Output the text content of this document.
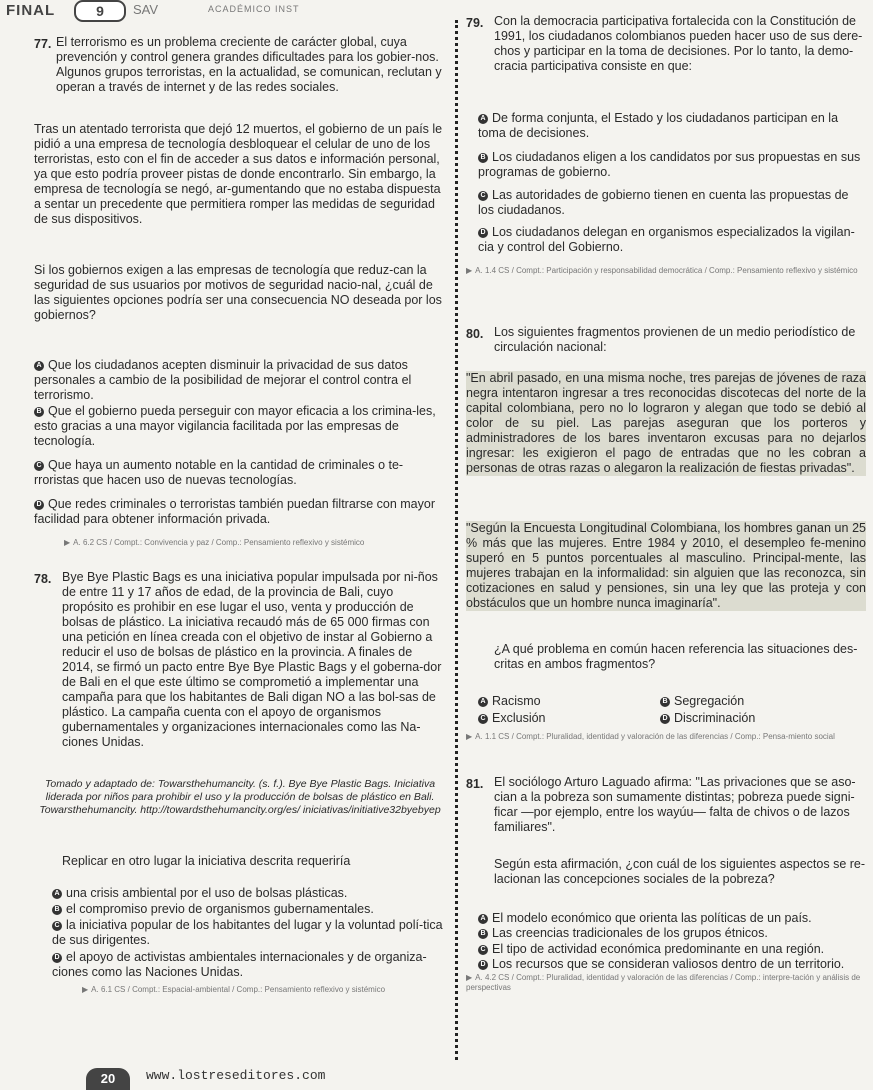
FINAL	9	SAV	ACADÉMICO INST
77. El terrorismo es un problema creciente de carácter global, cuya prevención y control genera grandes dificultades para los gobier-nos. Algunos grupos terroristas, en la actualidad, se comunican, reclutan y operan a través de internet y de las redes sociales.

Tras un atentado terrorista que dejó 12 muertos, el gobierno de un país le pidió a una empresa de tecnología desbloquear el celular de uno de los terroristas, esto con el fin de acceder a sus datos e información personal, ya que esto podría proveer pistas de donde encontrarlo. Sin embargo, la empresa de tecnología se negó, ar-gumentando que no estaba dispuesta a sentar un precedente que permitiera romper las medidas de seguridad de sus dispositivos.

Si los gobiernos exigen a las empresas de tecnología que reduz-can la seguridad de sus usuarios por motivos de seguridad nacio-nal, ¿cuál de las siguientes opciones podría ser una consecuencia NO deseada por los gobiernos?

A Que los ciudadanos acepten disminuir la privacidad de sus datos personales a cambio de la posibilidad de mejorar el control contra el terrorismo.
B Que el gobierno pueda perseguir con mayor eficacia a los crimina-les, esto gracias a una mayor vigilancia facilitada por las empresas de tecnología.
C Que haya un aumento notable en la cantidad de criminales o te-rroristas que hacen uso de nuevas tecnologías.
D Que redes criminales o terroristas también puedan filtrarse con mayor facilidad para obtener información privada.
▶ A. 6.2 CS / Compt.: Convivencia y paz / Comp.: Pensamiento reflexivo y sistémico
78. Bye Bye Plastic Bags es una iniciativa popular impulsada por ni-ños de entre 11 y 17 años de edad, de la provincia de Bali, cuyo propósito es prohibir en ese lugar el uso, venta y producción de bolsas de plástico. La iniciativa recaudó más de 65 000 firmas con una petición en línea creada con el objetivo de instar al Gobierno a reducir el uso de bolsas de plástico en la provincia. A finales de 2014, se firmó un pacto entre Bye Bye Plastic Bags y el goberna-dor de Bali en el que este último se comprometió a implementar una campaña para que los habitantes de Bali digan NO a las bol-sas de plástico. La campaña cuenta con el apoyo de organismos gubernamentales y organizaciones internacionales como las Na-ciones Unidas.

Tomado y adaptado de: Towarsthehumancity. (s. f.). Bye Bye Plastic Bags. Iniciativa liderada por niños para prohibir el uso y la producción de bolsas de plástico en Bali. Towarsthehumancity. http://towardsthehumancity.org/es/ iniciativas/initiative32byebyep

Replicar en otro lugar la iniciativa descrita requeriría

A una crisis ambiental por el uso de bolsas plásticas.
B el compromiso previo de organismos gubernamentales.
C la iniciativa popular de los habitantes del lugar y la voluntad polí-tica de sus dirigentes.
D el apoyo de activistas ambientales internacionales y de organiza-ciones como las Naciones Unidas.
▶ A. 6.1 CS / Compt.: Espacial-ambiental / Comp.: Pensamiento reflexivo y sistémico
79. Con la democracia participativa fortalecida con la Constitución de 1991, los ciudadanos colombianos pueden hacer uso de sus dere-chos y participar en la toma de decisiones. Por lo tanto, la demo-cracia participativa consiste en que:

A De forma conjunta, el Estado y los ciudadanos participan en la toma de decisiones.
B Los ciudadanos eligen a los candidatos por sus propuestas en sus programas de gobierno.
C Las autoridades de gobierno tienen en cuenta las propuestas de los ciudadanos.
D Los ciudadanos delegan en organismos especializados la vigilan-cia y control del Gobierno.
▶ A. 1.4 CS / Compt.: Participación y responsabilidad democrática / Comp.: Pensamiento reflexivo y sistémico
80. Los siguientes fragmentos provienen de un medio periodístico de circulación nacional:

"En abril pasado, en una misma noche, tres parejas de jóvenes de raza negra intentaron ingresar a tres reconocidas discotecas del norte de la capital colombiana, pero no lo lograron y alegan que todo se debió al color de su piel. Las parejas aseguran que los porteros y administradores de los bares inventaron excusas para no dejarlos ingresar: les exigieron el pago de entradas que no les cobran a personas de otras razas o alegaron la realización de fiestas privadas".

"Según la Encuesta Longitudinal Colombiana, los hombres ganan un 25 % más que las mujeres. Entre 1984 y 2010, el desempleo fe-menino superó en 5 puntos porcentuales al masculino. Principal-mente, las mujeres trabajan en la informalidad: sin alguien que las reconozca, sin cotizaciones en salud y pensiones, sin una ley que las proteja y con obstáculos que un hombre nunca imaginaría".

¿A qué problema en común hacen referencia las situaciones des-critas en ambos fragmentos?

A Racismo	B Segregación
C Exclusión	D Discriminación
▶ A. 1.1 CS / Compt.: Pluralidad, identidad y valoración de las diferencias / Comp.: Pensa-miento social
81. El sociólogo Arturo Laguado afirma: "Las privaciones que se aso-cian a la pobreza son sumamente distintas; pobreza puede signi-ficar —por ejemplo, entre los wayúu— falta de chivos o de lazos familiares".

Según esta afirmación, ¿con cuál de los siguientes aspectos se re-lacionan las concepciones sociales de la pobreza?

A El modelo económico que orienta las políticas de un país.
B Las creencias tradicionales de los grupos étnicos.
C El tipo de actividad económica predominante en una región.
D Los recursos que se consideran valiosos dentro de un territorio.
▶ A. 4.2 CS / Compt.: Pluralidad, identidad y valoración de las diferencias / Comp.: interpre-tación y análisis de perspectivas
20	www.lostreseditores.com
